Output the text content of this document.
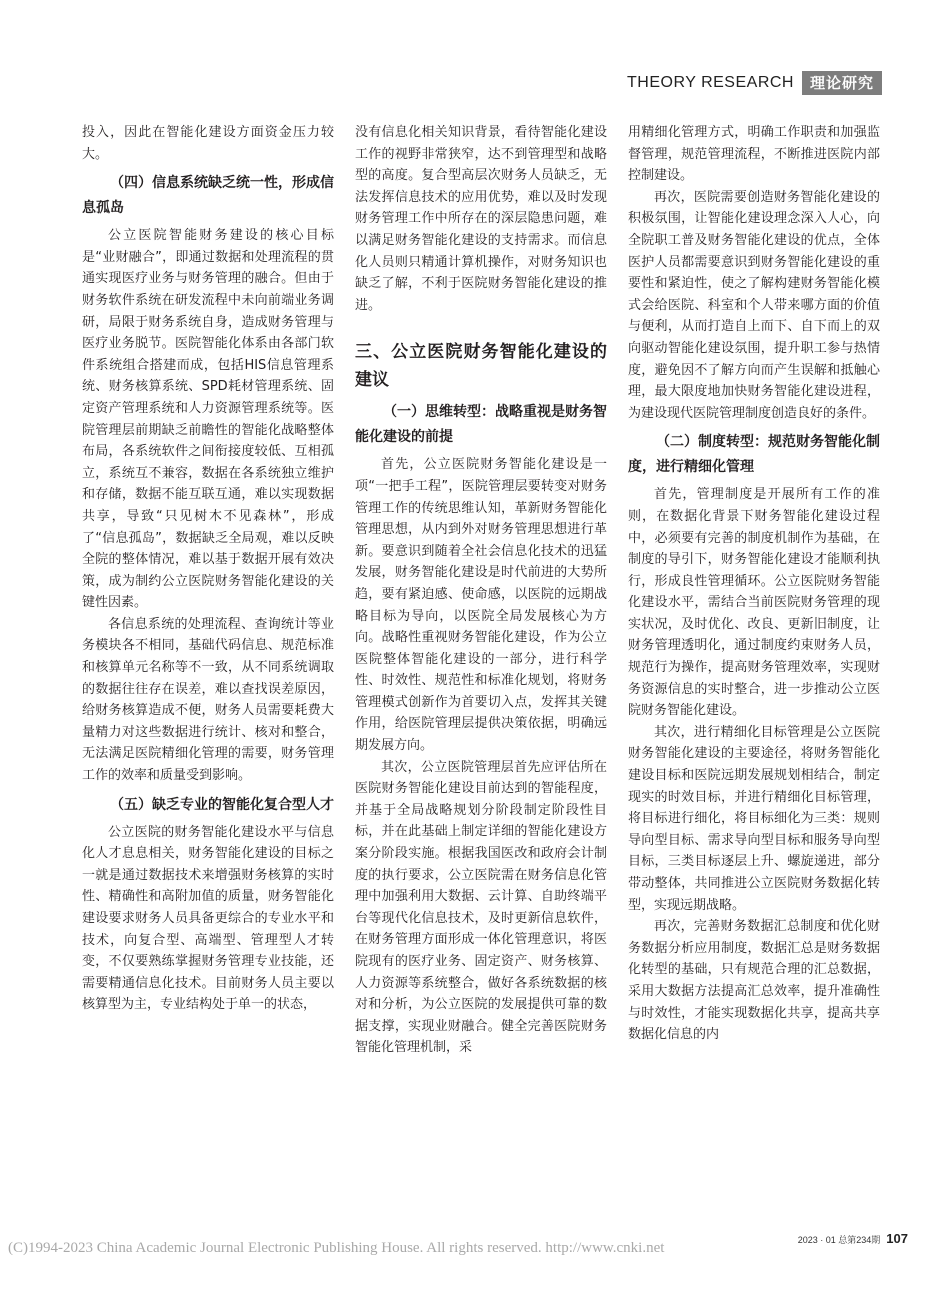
THEORY RESEARCH	理论研究

投入，因此在智能化建设方面资金压力较大。

（四）信息系统缺乏统一性，形成信息孤岛

公立医院智能财务建设的核心目标是“业财融合”，即通过数据和处理流程的贯通实现医疗业务与财务管理的融合。但由于财务软件系统在研发流程中未向前端业务调研，局限于财务系统自身，造成财务管理与医疗业务脱节。医院智能化体系由各部门软件系统组合搭建而成，包括HIS信息管理系统、财务核算系统、SPD耗材管理系统、固定资产管理系统和人力资源管理系统等。医院管理层前期缺乏前瞻性的智能化战略整体布局，各系统软件之间衔接度较低、互相孤立，系统互不兼容，数据在各系统独立维护和存储，数据不能互联互通，难以实现数据共享，导致“只见树木不见森林”，形成了“信息孤岛”，数据缺乏全局观，难以反映全院的整体情况，难以基于数据开展有效决策，成为制约公立医院财务智能化建设的关键性因素。

各信息系统的处理流程、查询统计等业务模块各不相同，基础代码信息、规范标准和核算单元名称等不一致，从不同系统调取的数据往往存在误差，难以查找误差原因，给财务核算造成不便，财务人员需要耗费大量精力对这些数据进行统计、核对和整合，无法满足医院精细化管理的需要，财务管理工作的效率和质量受到影响。

（五）缺乏专业的智能化复合型人才

公立医院的财务智能化建设水平与信息化人才息息相关，财务智能化建设的目标之一就是通过数据技术来增强财务核算的实时性、精确性和高附加值的质量，财务智能化建设要求财务人员具备更综合的专业水平和技术，向复合型、高端型、管理型人才转变，不仅要熟练掌握财务管理专业技能，还需要精通信息化技术。目前财务人员主要以核算型为主，专业结构处于单一的状态，

没有信息化相关知识背景，看待智能化建设工作的视野非常狭窄，达不到管理型和战略型的高度。复合型高层次财务人员缺乏，无法发挥信息技术的应用优势，难以及时发现财务管理工作中所存在的深层隐患问题，难以满足财务智能化建设的支持需求。而信息化人员则只精通计算机操作，对财务知识也缺乏了解，不利于医院财务智能化建设的推进。

三、公立医院财务智能化建设的建议
（一）思维转型：战略重视是财务智能化建设的前提

首先，公立医院财务智能化建设是一项“一把手工程”，医院管理层要转变对财务管理工作的传统思维认知，革新财务智能化管理思想，从内到外对财务管理思想进行革新。要意识到随着全社会信息化技术的迅猛发展，财务智能化建设是时代前进的大势所趋，要有紧迫感、使命感，以医院的远期战略目标为导向，以医院全局发展核心为方向。战略性重视财务智能化建设，作为公立医院整体智能化建设的一部分，进行科学性、时效性、规范性和标准化规划，将财务管理模式创新作为首要切入点，发挥其关键作用，给医院管理层提供决策依据，明确远期发展方向。

其次，公立医院管理层首先应评估所在医院财务智能化建设目前达到的智能程度，并基于全局战略规划分阶段制定阶段性目标，并在此基础上制定详细的智能化建设方案分阶段实施。根据我国医改和政府会计制度的执行要求，公立医院需在财务信息化管理中加强利用大数据、云计算、自助终端平台等现代化信息技术，及时更新信息软件，在财务管理方面形成一体化管理意识，将医院现有的医疗业务、固定资产、财务核算、人力资源等系统整合，做好各系统数据的核对和分析，为公立医院的发展提供可靠的数据支撑，实现业财融合。健全完善医院财务智能化管理机制，采

用精细化管理方式，明确工作职责和加强监督管理，规范管理流程，不断推进医院内部控制建设。

再次，医院需要创造财务智能化建设的积极氛围，让智能化建设理念深入人心，向全院职工普及财务智能化建设的优点，全体医护人员都需要意识到财务智能化建设的重要性和紧迫性，使之了解构建财务智能化模式会给医院、科室和个人带来哪方面的价值与便利，从而打造自上而下、自下而上的双向驱动智能化建设氛围，提升职工参与热情度，避免因不了解方向而产生误解和抵触心理，最大限度地加快财务智能化建设进程，为建设现代医院管理制度创造良好的条件。

（二）制度转型：规范财务智能化制度，进行精细化管理

首先，管理制度是开展所有工作的准则，在数据化背景下财务智能化建设过程中，必须要有完善的制度机制作为基础，在制度的导引下，财务智能化建设才能顺利执行，形成良性管理循环。公立医院财务智能化建设水平，需结合当前医院财务管理的现实状况，及时优化、改良、更新旧制度，让财务管理透明化，通过制度约束财务人员，规范行为操作，提高财务管理效率，实现财务资源信息的实时整合，进一步推动公立医院财务智能化建设。

其次，进行精细化目标管理是公立医院财务智能化建设的主要途径，将财务智能化建设目标和医院远期发展规划相结合，制定现实的时效目标，并进行精细化目标管理，将目标进行细化，将目标细化为三类：规则导向型目标、需求导向型目标和服务导向型目标，三类目标逐层上升、螺旋递进，部分带动整体，共同推进公立医院财务数据化转型，实现远期战略。

再次，完善财务数据汇总制度和优化财务数据分析应用制度，数据汇总是财务数据化转型的基础，只有规范合理的汇总数据，采用大数据方法提高汇总效率，提升准确性与时效性，才能实现数据化共享，提高共享数据化信息的内

2023 · 01 总第234期 107
(C)1994-2023 China Academic Journal Electronic Publishing House. All rights reserved. http://www.cnki.net
